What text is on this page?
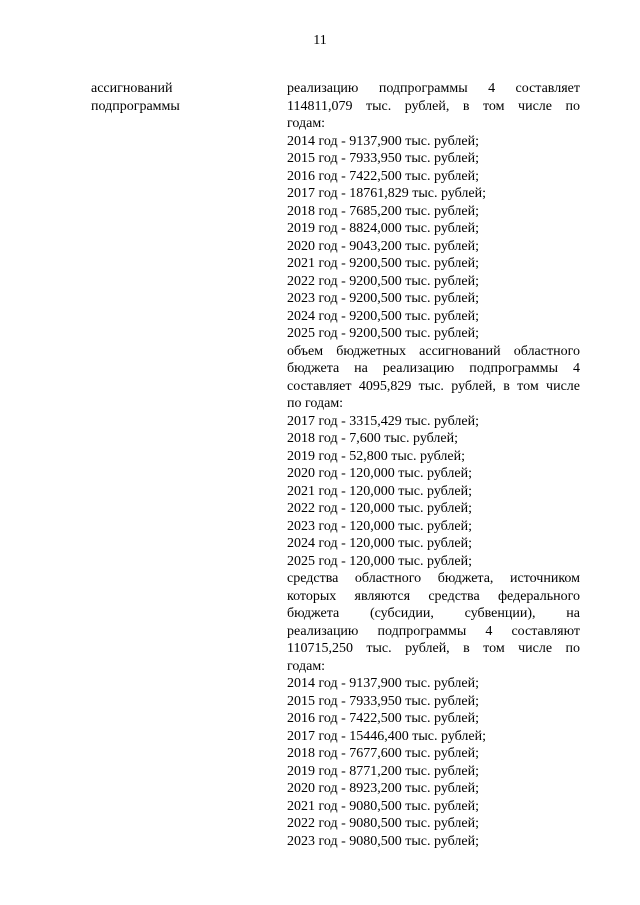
11
ассигнований
подпрограммы
реализацию подпрограммы 4 составляет
114811,079 тыс. рублей, в том числе по
годам:
2014 год - 9137,900 тыс. рублей;
2015 год - 7933,950 тыс. рублей;
2016 год - 7422,500 тыс. рублей;
2017 год - 18761,829 тыс. рублей;
2018 год - 7685,200 тыс. рублей;
2019 год - 8824,000 тыс. рублей;
2020 год - 9043,200 тыс. рублей;
2021 год - 9200,500 тыс. рублей;
2022 год - 9200,500 тыс. рублей;
2023 год - 9200,500 тыс. рублей;
2024 год - 9200,500 тыс. рублей;
2025 год - 9200,500 тыс. рублей;
объем бюджетных ассигнований областного
бюджета на реализацию подпрограммы 4
составляет 4095,829 тыс. рублей, в том числе
по годам:
2017 год - 3315,429 тыс. рублей;
2018 год - 7,600 тыс. рублей;
2019 год - 52,800 тыс. рублей;
2020 год - 120,000 тыс. рублей;
2021 год - 120,000 тыс. рублей;
2022 год - 120,000 тыс. рублей;
2023 год - 120,000 тыс. рублей;
2024 год - 120,000 тыс. рублей;
2025 год - 120,000 тыс. рублей;
средства областного бюджета, источником
которых являются средства федерального
бюджета (субсидии, субвенции), на
реализацию подпрограммы 4 составляют
110715,250 тыс. рублей, в том числе по
годам:
2014 год - 9137,900 тыс. рублей;
2015 год - 7933,950 тыс. рублей;
2016 год - 7422,500 тыс. рублей;
2017 год - 15446,400 тыс. рублей;
2018 год - 7677,600 тыс. рублей;
2019 год - 8771,200 тыс. рублей;
2020 год - 8923,200 тыс. рублей;
2021 год - 9080,500 тыс. рублей;
2022 год - 9080,500 тыс. рублей;
2023 год - 9080,500 тыс. рублей;
